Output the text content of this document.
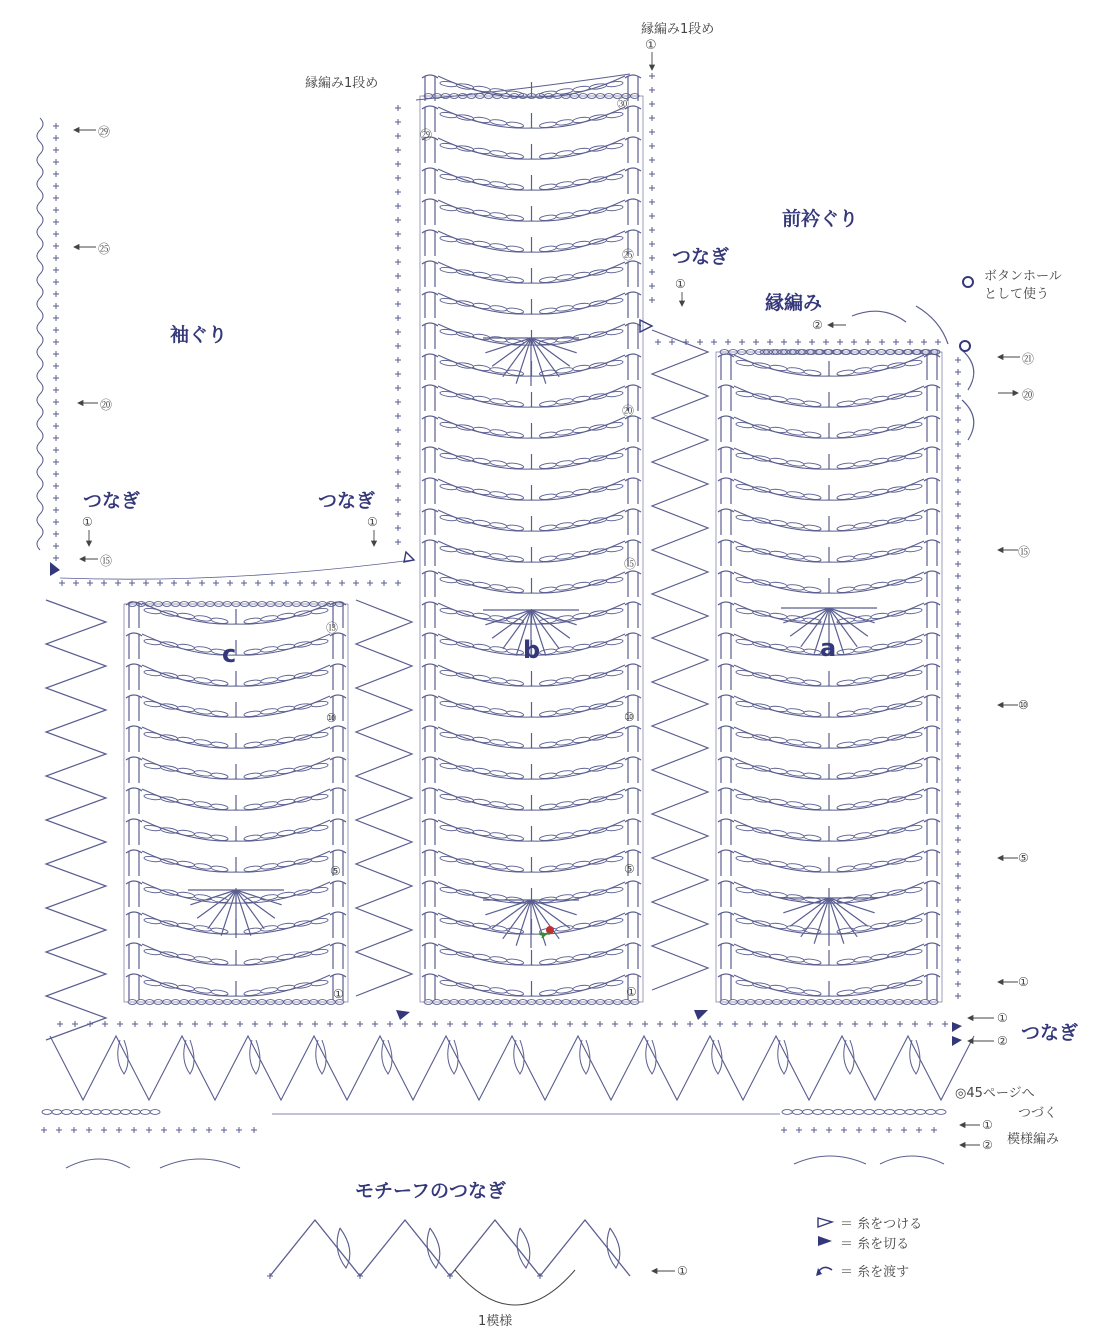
縁編み1段め
縁編み1段め
①
袖ぐり
前衿ぐり
つなぎ	つなぎ
つなぎ
つなぎ
縁編み
モチーフのつなぎ
ボタンホール
として使う
◎45ページへ
つづく
模様編み
1模様
c	b	a
㉙
㉕
⑳
⑮
①	①
①
②
⑬
⑩
⑤
①
㉚
㉙
㉕
⑳
⑮
⑩
⑤
①
㉑
⑳
⑮
⑩
⑤
①
①
②
①
②
①
＝ 糸をつける
＝ 糸を切る
＝ 糸を渡す
